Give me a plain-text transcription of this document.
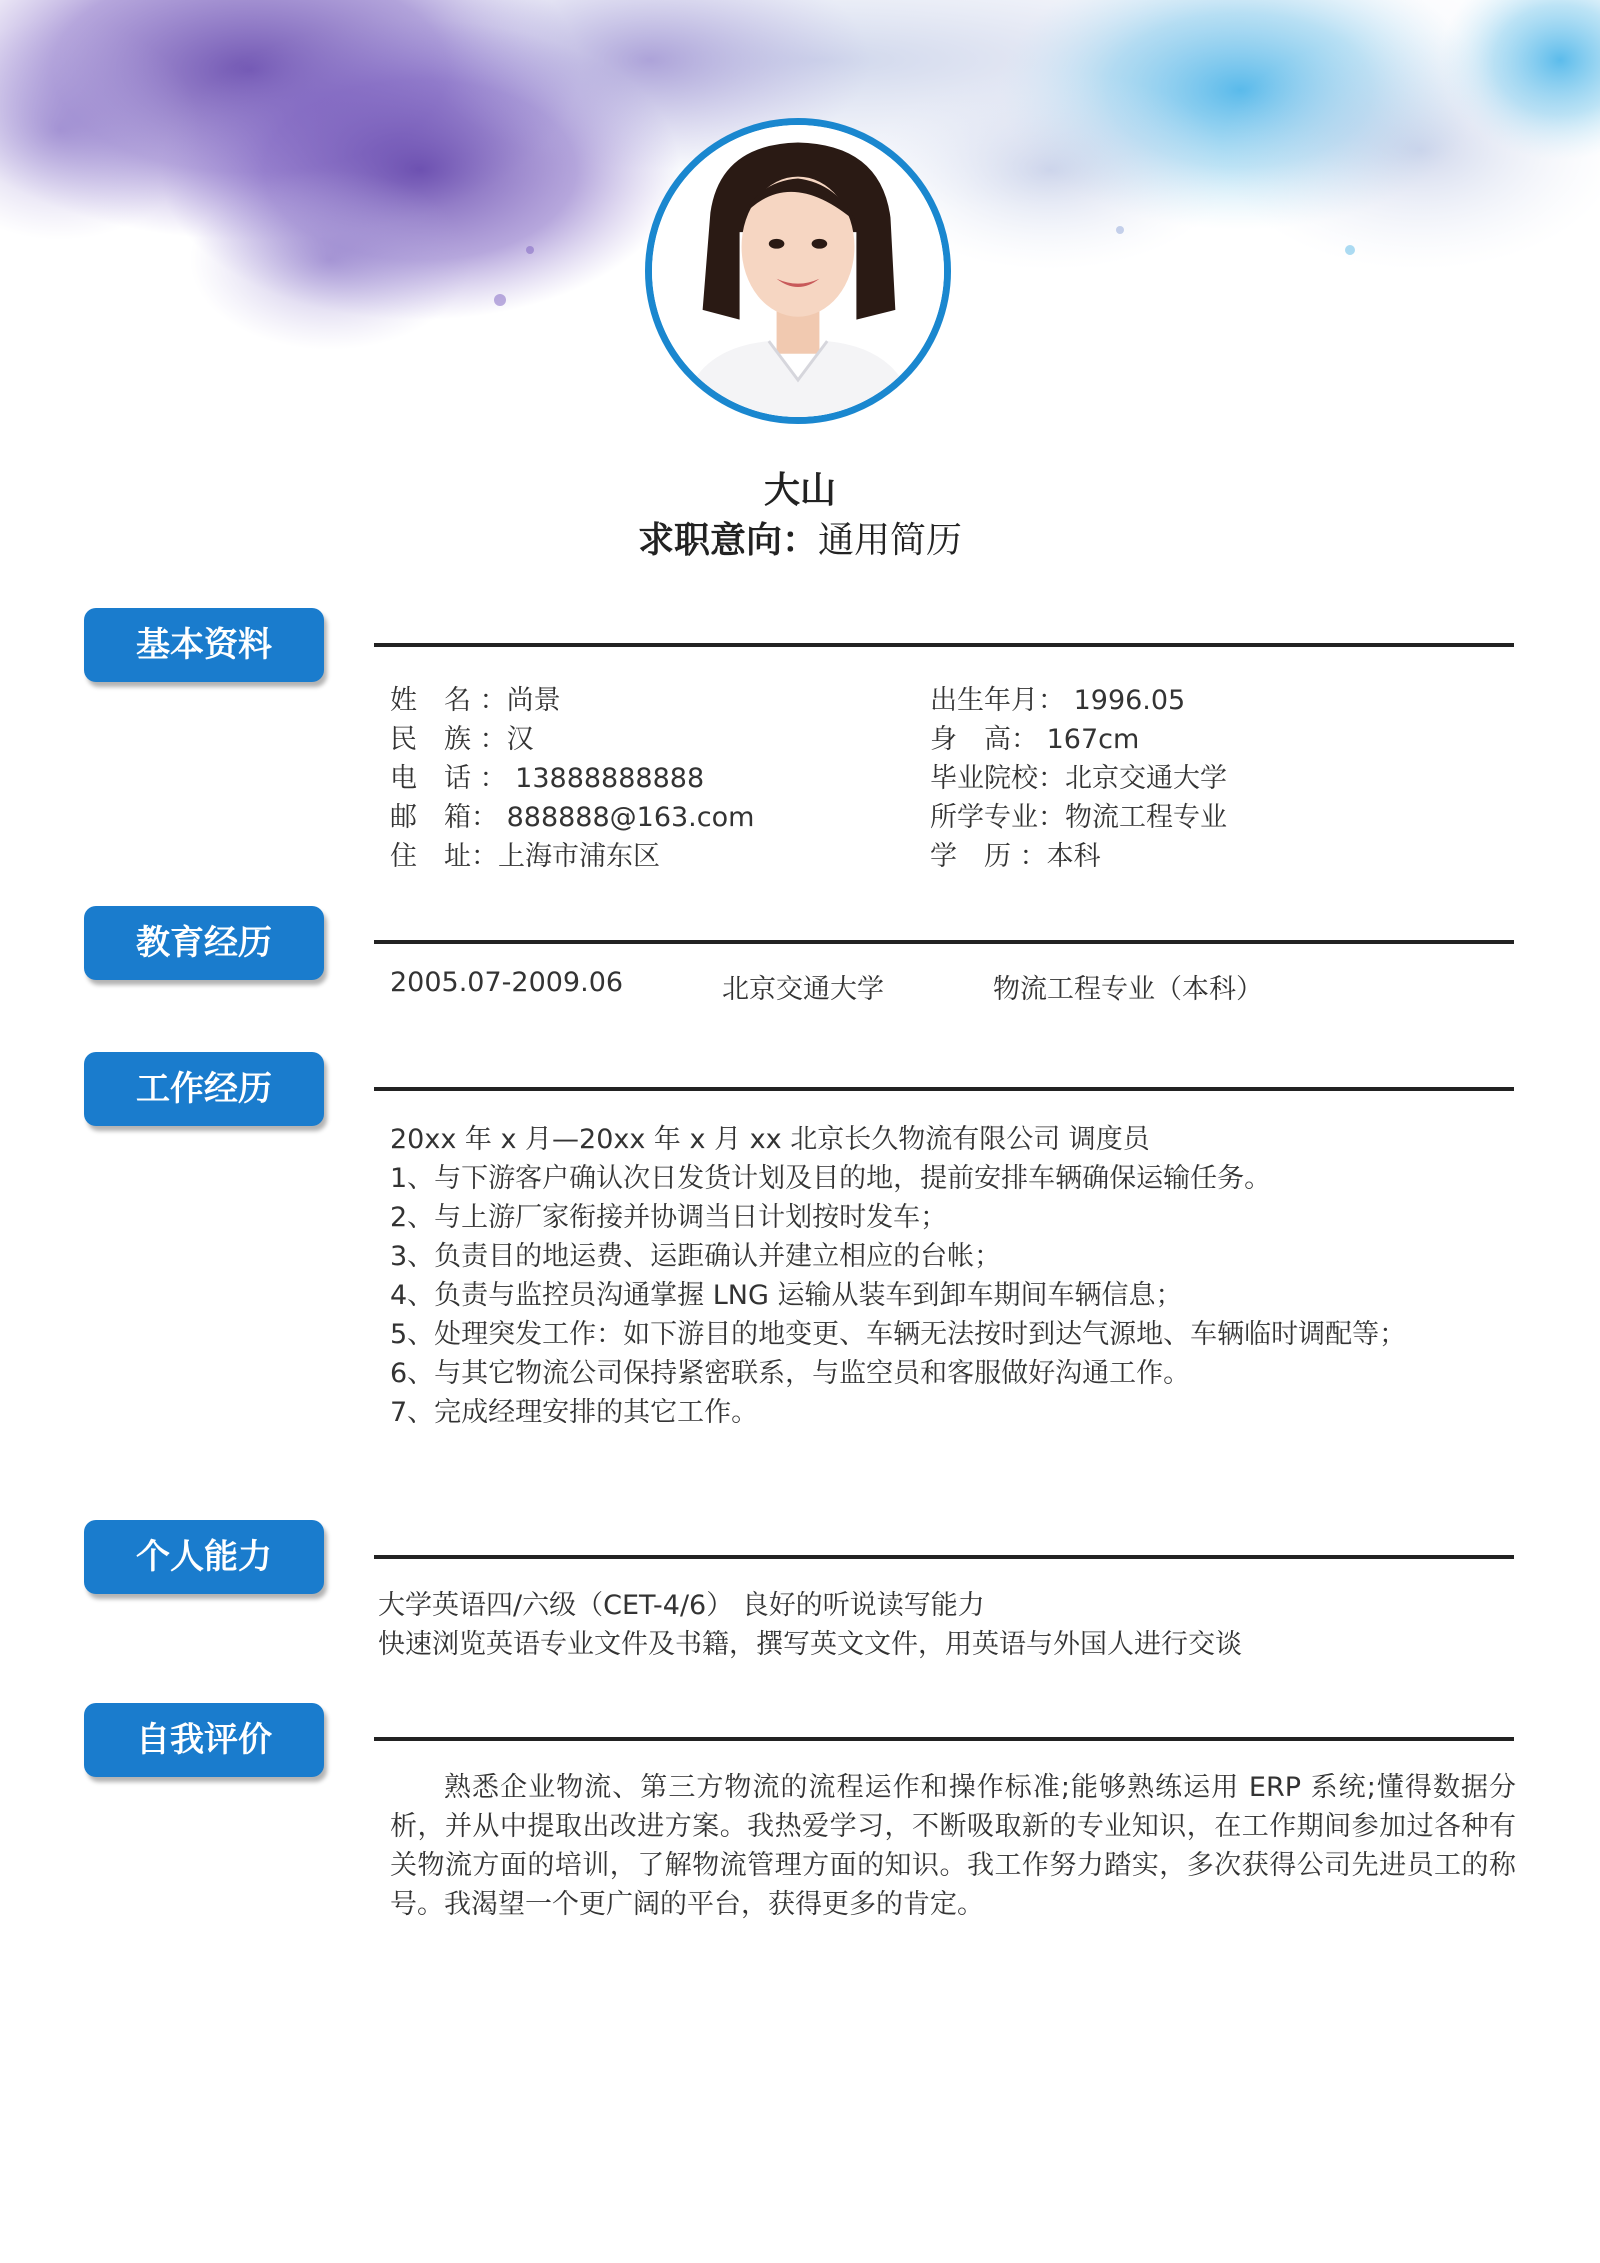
大山
求职意向：通用简历
基本资料
姓　名 ：尚景
民　族 ：汉
电　话 ： 13888888888
邮　箱： 888888@163.com
住　址：上海市浦东区
出生年月： 1996.05
身　高： 167cm
毕业院校：北京交通大学
所学专业：物流工程专业
学　历 ：本科
教育经历
2005.07-2009.06	北京交通大学	物流工程专业（本科）
工作经历
20xx 年 x 月—20xx 年 x 月 xx 北京长久物流有限公司 调度员
1、与下游客户确认次日发货计划及目的地，提前安排车辆确保运输任务。
2、与上游厂家衔接并协调当日计划按时发车；
3、负责目的地运费、运距确认并建立相应的台帐；
4、负责与监控员沟通掌握 LNG 运输从装车到卸车期间车辆信息；
5、处理突发工作：如下游目的地变更、车辆无法按时到达气源地、车辆临时调配等；
6、与其它物流公司保持紧密联系，与监空员和客服做好沟通工作。
7、完成经理安排的其它工作。
个人能力
大学英语四/六级（CET-4/6） 良好的听说读写能力
快速浏览英语专业文件及书籍，撰写英文文件，用英语与外国人进行交谈
自我评价
熟悉企业物流、第三方物流的流程运作和操作标准;能够熟练运用 ERP 系统;懂得数据分析，并从中提取出改进方案。我热爱学习，不断吸取新的专业知识，在工作期间参加过各种有关物流方面的培训，了解物流管理方面的知识。我工作努力踏实，多次获得公司先进员工的称号。我渴望一个更广阔的平台，获得更多的肯定。
